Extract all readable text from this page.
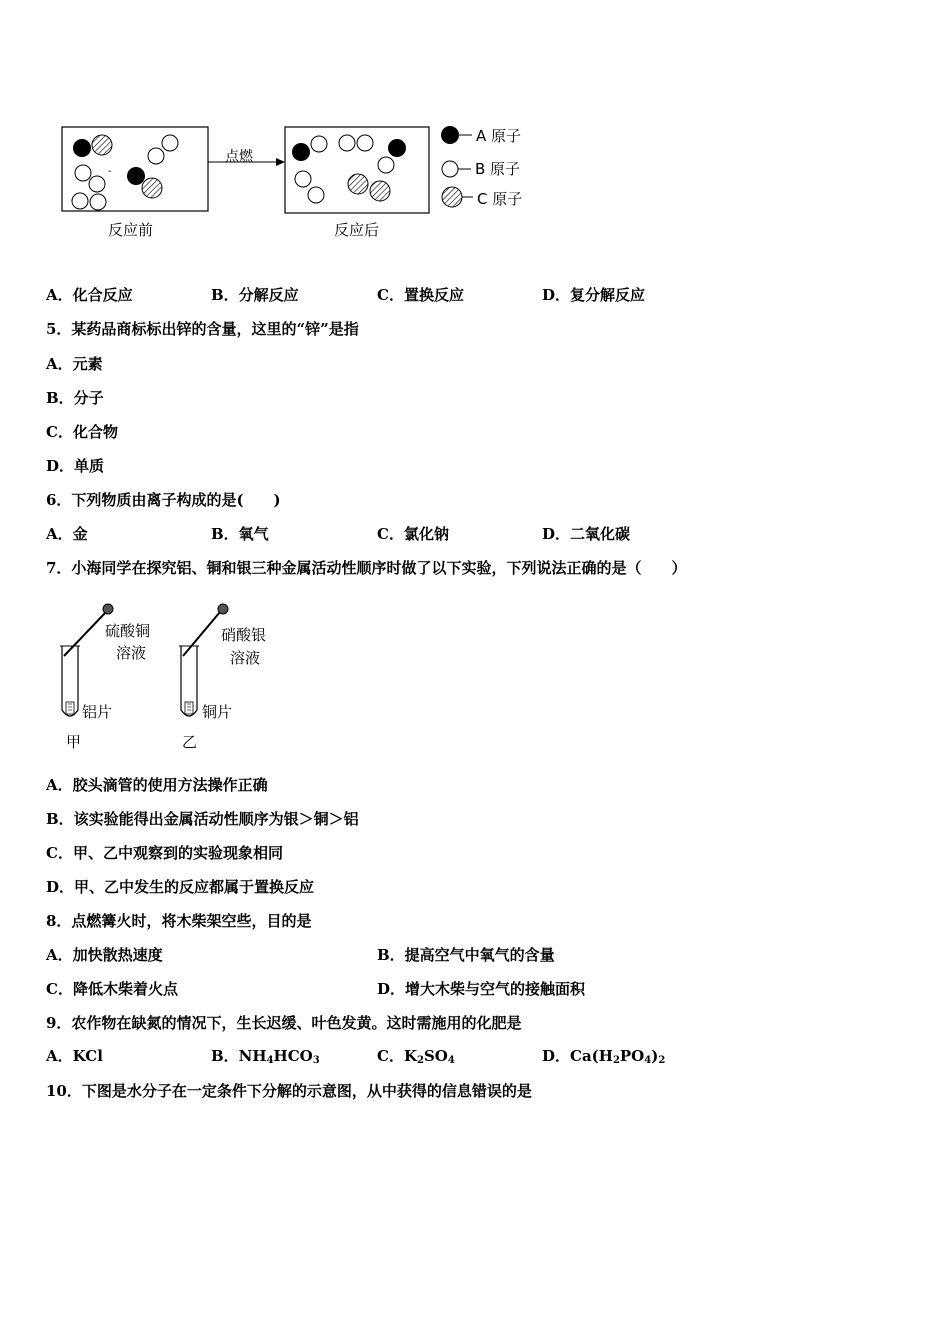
-
点燃
反应前	反应后
A 原子
B 原子
C 原子
A．化合反应	B．分解反应	C．置换反应	D．复分解反应
5．某药品商标标出锌的含量，这里的“锌”是指
A．元素
B．分子
C．化合物
D．单质
6．下列物质由离子构成的是(　　)
A．金	B．氧气	C．氯化钠	D．二氧化碳
7．小海同学在探究铝、铜和银三种金属活动性顺序时做了以下实验，下列说法正确的是（　　）
硫酸铜
溶液
铝片
甲
硝酸银
溶液
铜片
乙
A．胶头滴管的使用方法操作正确
B．该实验能得出金属活动性顺序为银＞铜＞铝
C．甲、乙中观察到的实验现象相同
D．甲、乙中发生的反应都属于置换反应
8．点燃篝火时，将木柴架空些，目的是
A．加快散热速度	B．提高空气中氧气的含量
C．降低木柴着火点	D．增大木柴与空气的接触面积
9．农作物在缺氮的情况下，生长迟缓、叶色发黄。这时需施用的化肥是
A．KCl	B．$NH_4HCO_3$	C．$K_2SO_4$	D．$Ca(H_2PO_4)_2$
10．下图是水分子在一定条件下分解的示意图，从中获得的信息错误的是
